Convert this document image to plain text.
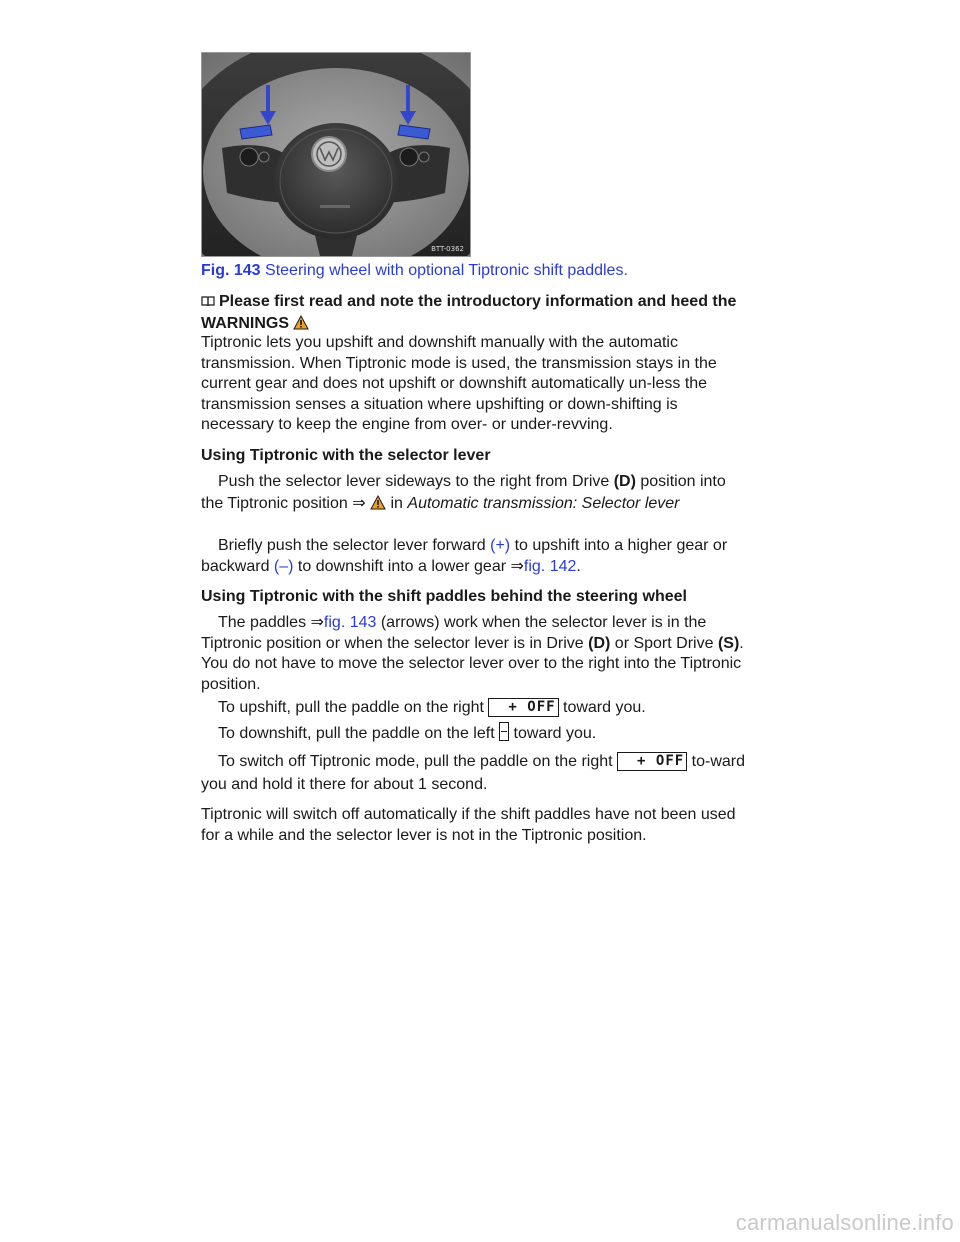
BTT-0362
Fig. 143 Steering wheel with optional Tiptronic shift paddles.
Please first read and note the introductory information and heed the WARNINGS
Tiptronic lets you upshift and downshift manually with the automatic transmission. When Tiptronic mode is used, the transmission stays in the current gear and does not upshift or downshift automatically un-less the transmission senses a situation where upshifting or down-shifting is necessary to keep the engine from over- or under-revving.
Using Tiptronic with the selector lever
Push the selector lever sideways to the right from Drive (D) position into the Tiptronic position ⇒  in Automatic transmission: Selector lever
Briefly push the selector lever forward (+) to upshift into a higher gear or backward (–) to downshift into a lower gear ⇒fig. 142.
Using Tiptronic with the shift paddles behind the steering wheel
The paddles ⇒fig. 143 (arrows) work when the selector lever is in the Tiptronic position or when the selector lever is in Drive (D) or Sport Drive (S). You do not have to move the selector lever over to the right into the Tiptronic position.
To upshift, pull the paddle on the right + OFF toward you.
To downshift, pull the paddle on the left  toward you.
To switch off Tiptronic mode, pull the paddle on the right + OFF to-ward you and hold it there for about 1 second.
Tiptronic will switch off automatically if the shift paddles have not been used for a while and the selector lever is not in the Tiptronic position.
carmanualsonline.info
